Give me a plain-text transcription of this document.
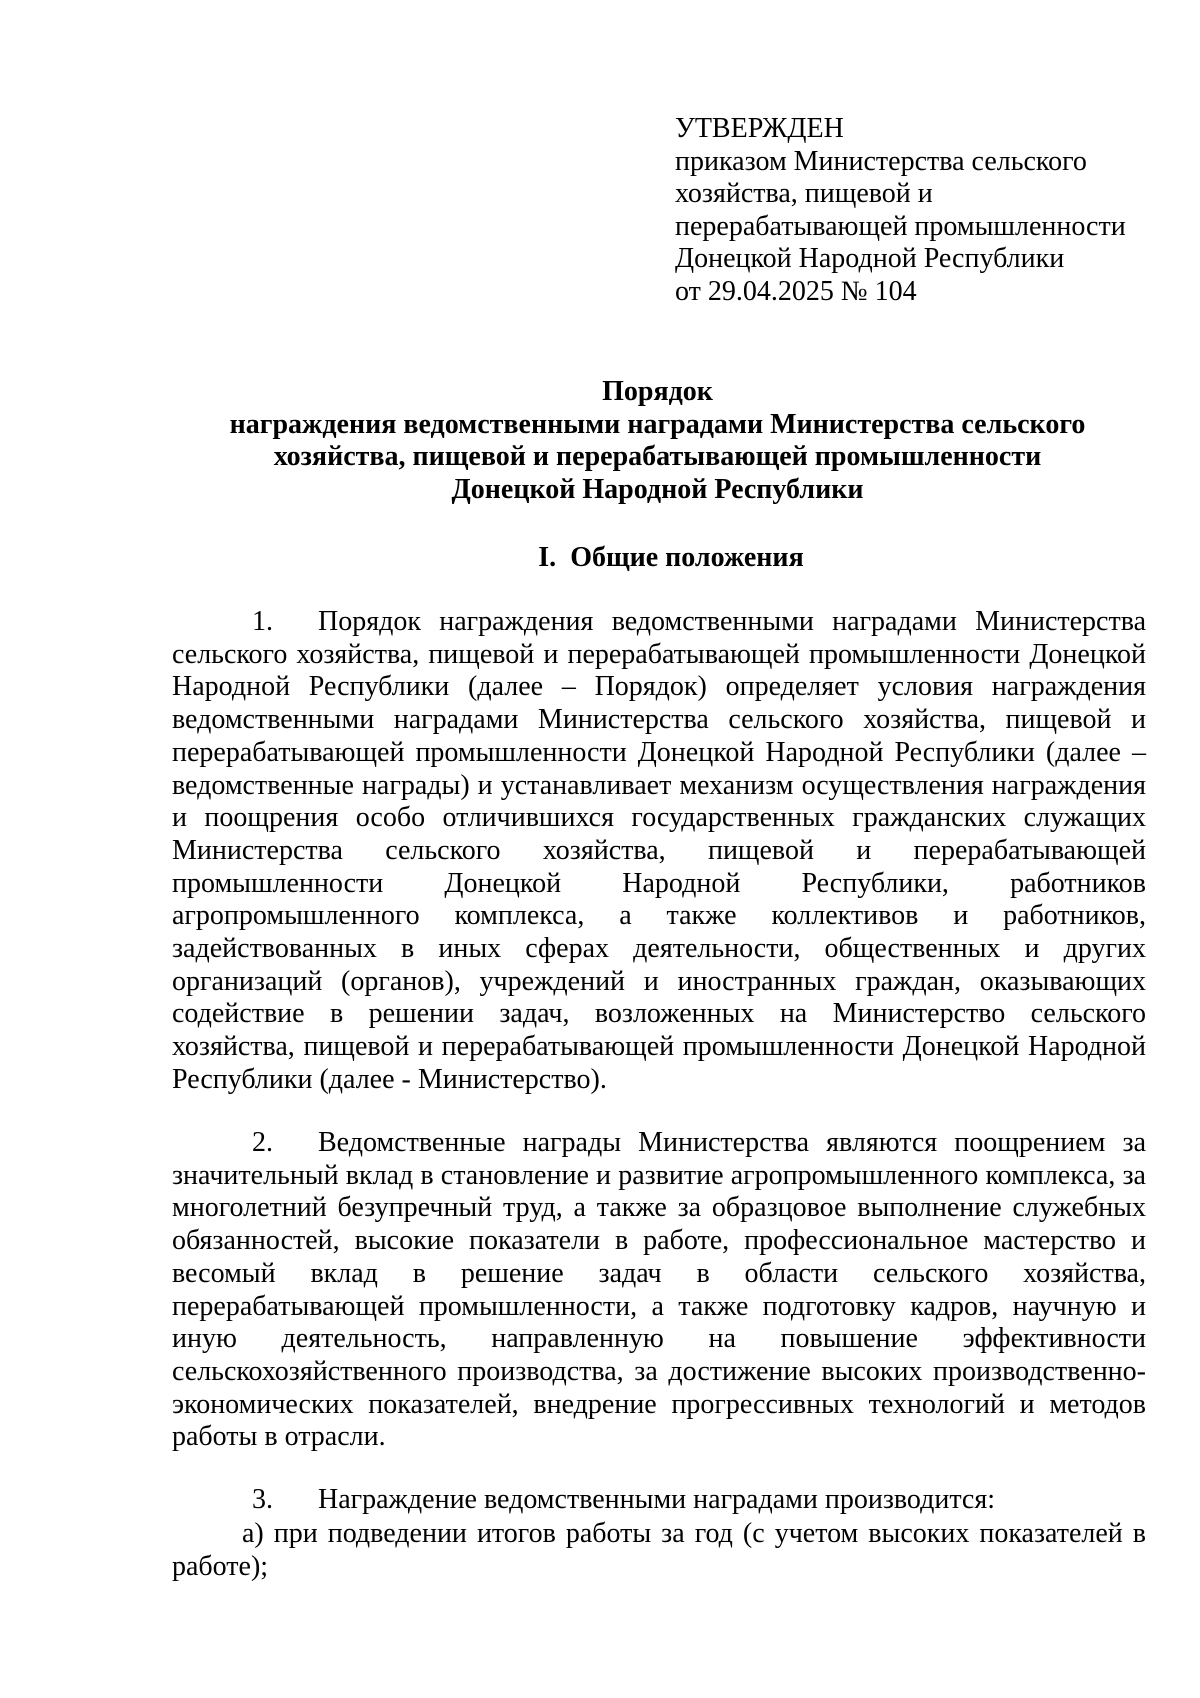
УТВЕРЖДЕН
приказом Министерства сельского
хозяйства, пищевой и
перерабатывающей промышленности
Донецкой Народной Республики
от 29.04.2025 № 104
Порядок
награждения ведомственными наградами Министерства сельского
хозяйства, пищевой и перерабатывающей промышленности
Донецкой Народной Республики
I. Общие положения
1. Порядок награждения ведомственными наградами Министерства сельского хозяйства, пищевой и перерабатывающей промышленности Донецкой Народной Республики (далее – Порядок) определяет условия награждения ведомственными наградами Министерства сельского хозяйства, пищевой и перерабатывающей промышленности Донецкой Народной Республики (далее – ведомственные награды) и устанавливает механизм осуществления награждения и поощрения особо отличившихся государственных гражданских служащих Министерства сельского хозяйства, пищевой и перерабатывающей промышленности Донецкой Народной Республики, работников агропромышленного комплекса, а также коллективов и работников, задействованных в иных сферах деятельности, общественных и других организаций (органов), учреждений и иностранных граждан, оказывающих содействие в решении задач, возложенных на Министерство сельского хозяйства, пищевой и перерабатывающей промышленности Донецкой Народной Республики (далее - Министерство).
2. Ведомственные награды Министерства являются поощрением за значительный вклад в становление и развитие агропромышленного комплекса, за многолетний безупречный труд, а также за образцовое выполнение служебных обязанностей, высокие показатели в работе, профессиональное мастерство и весомый вклад в решение задач в области сельского хозяйства, перерабатывающей промышленности, а также подготовку кадров, научную и иную деятельность, направленную на повышение эффективности сельскохозяйственного производства, за достижение высоких производственно-экономических показателей, внедрение прогрессивных технологий и методов работы в отрасли.
3. Награждение ведомственными наградами производится:
а) при подведении итогов работы за год (с учетом высоких показателей в работе);
